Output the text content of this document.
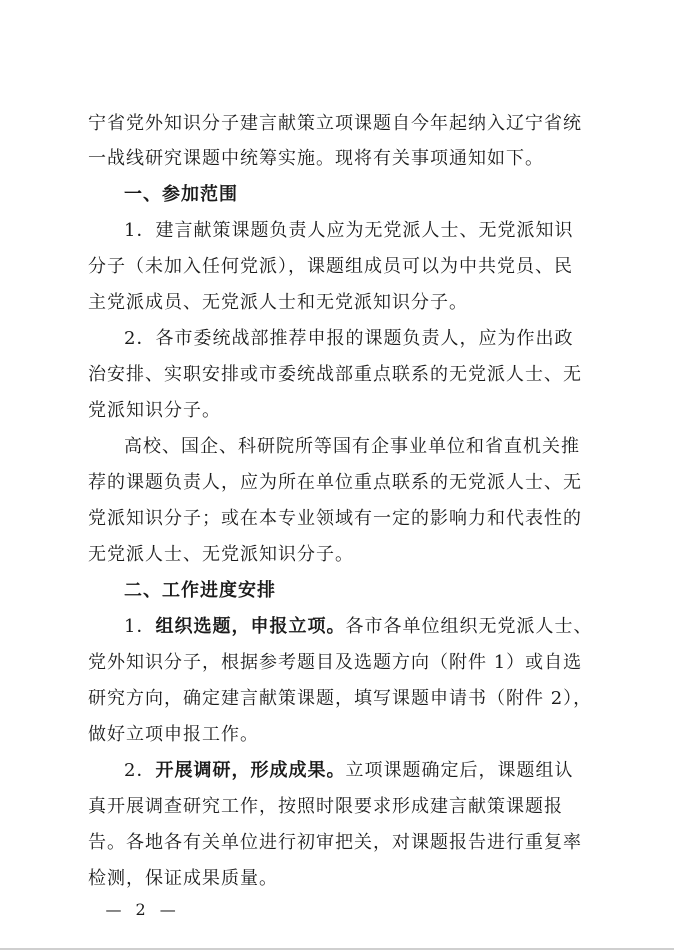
宁省党外知识分子建言献策立项课题自今年起纳入辽宁省统
一战线研究课题中统筹实施。现将有关事项通知如下。
一、参加范围
1．建言献策课题负责人应为无党派人士、无党派知识
分子（未加入任何党派），课题组成员可以为中共党员、民
主党派成员、无党派人士和无党派知识分子。
2．各市委统战部推荐申报的课题负责人，应为作出政
治安排、实职安排或市委统战部重点联系的无党派人士、无
党派知识分子。
高校、国企、科研院所等国有企事业单位和省直机关推
荐的课题负责人，应为所在单位重点联系的无党派人士、无
党派知识分子；或在本专业领域有一定的影响力和代表性的
无党派人士、无党派知识分子。
二、工作进度安排
1．组织选题，申报立项。各市各单位组织无党派人士、
党外知识分子，根据参考题目及选题方向（附件 1）或自选
研究方向，确定建言献策课题，填写课题申请书（附件 2），
做好立项申报工作。
2．开展调研，形成成果。立项课题确定后，课题组认
真开展调查研究工作，按照时限要求形成建言献策课题报
告。各地各有关单位进行初审把关，对课题报告进行重复率
检测，保证成果质量。
— 2 —
